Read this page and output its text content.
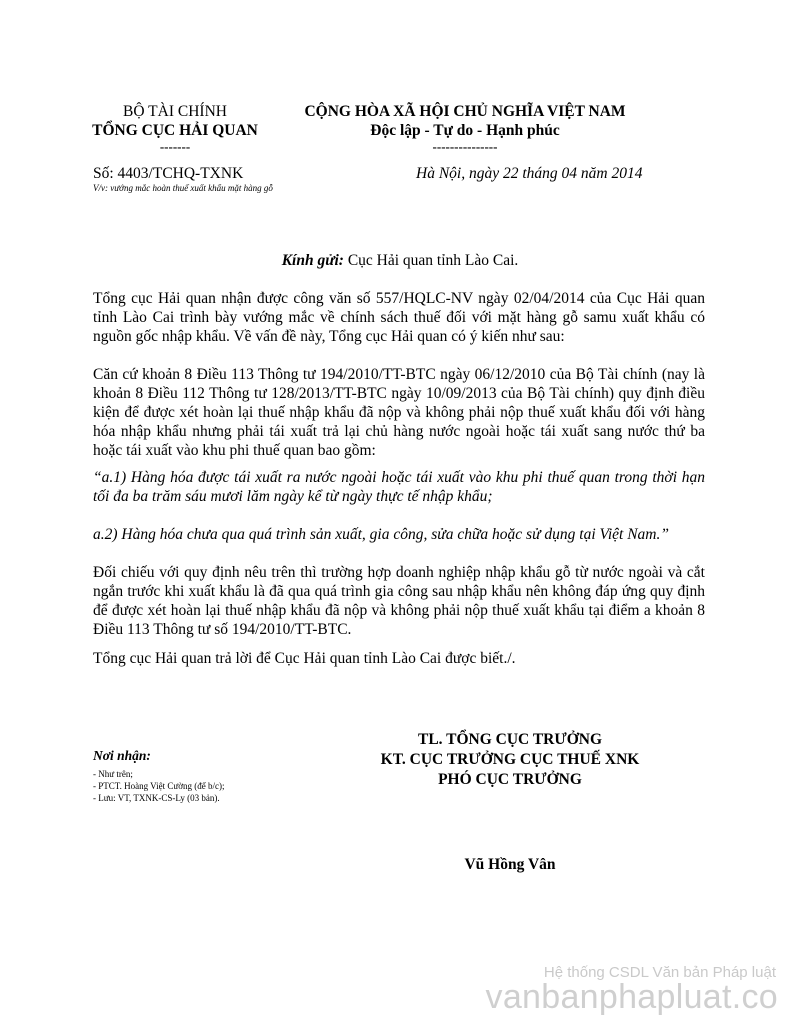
BỘ TÀI CHÍNH
TỔNG CỤC HẢI QUAN
-------
CỘNG HÒA XÃ HỘI CHỦ NGHĨA VIỆT NAM
Độc lập - Tự do - Hạnh phúc
---------------
Số: 4403/TCHQ-TXNK
V/v: vướng mắc hoàn thuế xuất khẩu mặt hàng gỗ
Hà Nội, ngày 22 tháng 04 năm 2014
Kính gửi: Cục Hải quan tỉnh Lào Cai.
Tổng cục Hải quan nhận được công văn số 557/HQLC-NV ngày 02/04/2014 của Cục Hải quan tỉnh Lào Cai trình bày vướng mắc về chính sách thuế đối với mặt hàng gỗ samu xuất khẩu có nguồn gốc nhập khẩu. Về vấn đề này, Tổng cục Hải quan có ý kiến như sau:
Căn cứ khoản 8 Điều 113 Thông tư 194/2010/TT-BTC ngày 06/12/2010 của Bộ Tài chính (nay là khoản 8 Điều 112 Thông tư 128/2013/TT-BTC ngày 10/09/2013 của Bộ Tài chính) quy định điều kiện để được xét hoàn lại thuế nhập khẩu đã nộp và không phải nộp thuế xuất khẩu đối với hàng hóa nhập khẩu nhưng phải tái xuất trả lại chủ hàng nước ngoài hoặc tái xuất sang nước thứ ba hoặc tái xuất vào khu phi thuế quan bao gồm:
“a.1) Hàng hóa được tái xuất ra nước ngoài hoặc tái xuất vào khu phi thuế quan trong thời hạn tối đa ba trăm sáu mươi lăm ngày kể từ ngày thực tế nhập khẩu;
a.2) Hàng hóa chưa qua quá trình sản xuất, gia công, sửa chữa hoặc sử dụng tại Việt Nam.”
Đối chiếu với quy định nêu trên thì trường hợp doanh nghiệp nhập khẩu gỗ từ nước ngoài và cắt ngắn trước khi xuất khẩu là đã qua quá trình gia công sau nhập khẩu nên không đáp ứng quy định để được xét hoàn lại thuế nhập khẩu đã nộp và không phải nộp thuế xuất khẩu tại điểm a khoản 8 Điều 113 Thông tư số 194/2010/TT-BTC.
Tổng cục Hải quan trả lời để Cục Hải quan tỉnh Lào Cai được biết./.
TL. TỔNG CỤC TRƯỞNG
KT. CỤC TRƯỞNG CỤC THUẾ XNK
PHÓ CỤC TRƯỞNG
Vũ Hồng Vân
Nơi nhận:
- Như trên;
- PTCT. Hoàng Việt Cường (để b/c);
- Lưu: VT, TXNK-CS-Ly (03 bản).
Hệ thống CSDL Văn bản Pháp luật
vanbanphapluat.co
